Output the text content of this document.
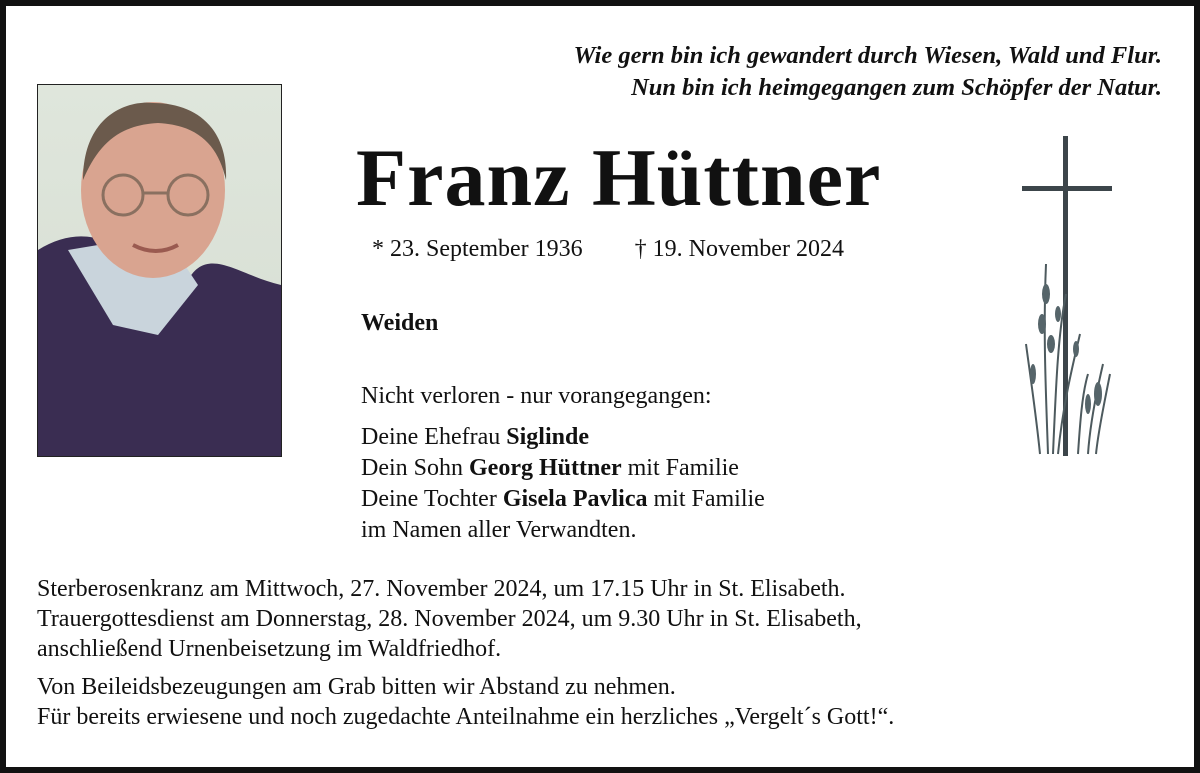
Wie gern bin ich gewandert durch Wiesen, Wald und Flur.
Nun bin ich heimgegangen zum Schöpfer der Natur.
Franz Hüttner
* 23. September 1936 † 19. November 2024
Weiden
Nicht verloren - nur vorangegangen:
Deine Ehefrau Siglinde
Dein Sohn Georg Hüttner mit Familie
Deine Tochter Gisela Pavlica mit Familie
im Namen aller Verwandten.
Sterberosenkranz am Mittwoch, 27. November 2024, um 17.15 Uhr in St. Elisabeth.
Trauergottesdienst am Donnerstag, 28. November 2024, um 9.30 Uhr in St. Elisabeth,
anschließend Urnenbeisetzung im Waldfriedhof.
Von Beileidsbezeugungen am Grab bitten wir Abstand zu nehmen.
Für bereits erwiesene und noch zugedachte Anteilnahme ein herzliches „Vergelt´s Gott!“.
